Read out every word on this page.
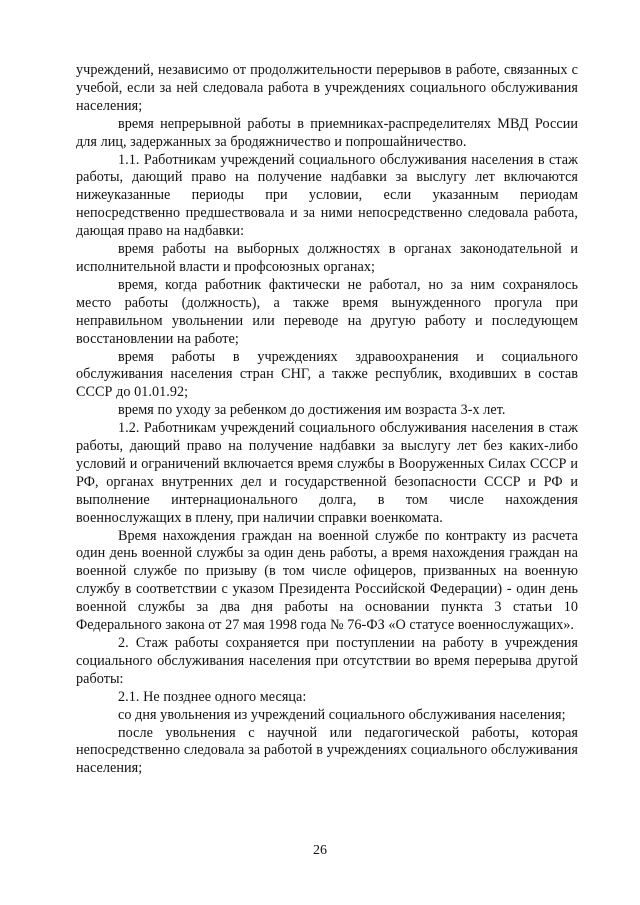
учреждений, независимо от продолжительности перерывов в работе, связанных с учебой, если за ней следовала работа в учреждениях социального обслуживания населения;

время непрерывной работы в приемниках-распределителях МВД России для лиц, задержанных за бродяжничество и попрошайничество.

1.1. Работникам учреждений социального обслуживания населения в стаж работы, дающий право на получение надбавки за выслугу лет включаются нижеуказанные периоды при условии, если указанным периодам непосредственно предшествовала и за ними непосредственно следовала работа, дающая право на надбавки:

время работы на выборных должностях в органах законодательной и исполнительной власти и профсоюзных органах;

время, когда работник фактически не работал, но за ним сохранялось место работы (должность), а также время вынужденного прогула при неправильном увольнении или переводе на другую работу и последующем восстановлении на работе;

время работы в учреждениях здравоохранения и социального обслуживания населения стран СНГ, а также республик, входивших в состав СССР до 01.01.92;

время по уходу за ребенком до достижения им возраста 3-х лет.

1.2. Работникам учреждений социального обслуживания населения в стаж работы, дающий право на получение надбавки за выслугу лет без каких-либо условий и ограничений включается время службы в Вооруженных Силах СССР и РФ, органах внутренних дел и государственной безопасности СССР и РФ и выполнение интернационального долга, в том числе нахождения военнослужащих в плену, при наличии справки военкомата.

Время нахождения граждан на военной службе по контракту из расчета один день военной службы за один день работы, а время нахождения граждан на военной службе по призыву (в том числе офицеров, призванных на военную службу в соответствии с указом Президента Российской Федерации) - один день военной службы за два дня работы на основании пункта 3 статьи 10 Федерального закона от 27 мая 1998 года № 76-ФЗ «О статусе военнослужащих».

2. Стаж работы сохраняется при поступлении на работу в учреждения социального обслуживания населения при отсутствии во время перерыва другой работы:

2.1. Не позднее одного месяца:

со дня увольнения из учреждений социального обслуживания населения;

после увольнения с научной или педагогической работы, которая непосредственно следовала за работой в учреждениях социального обслуживания населения;

26
